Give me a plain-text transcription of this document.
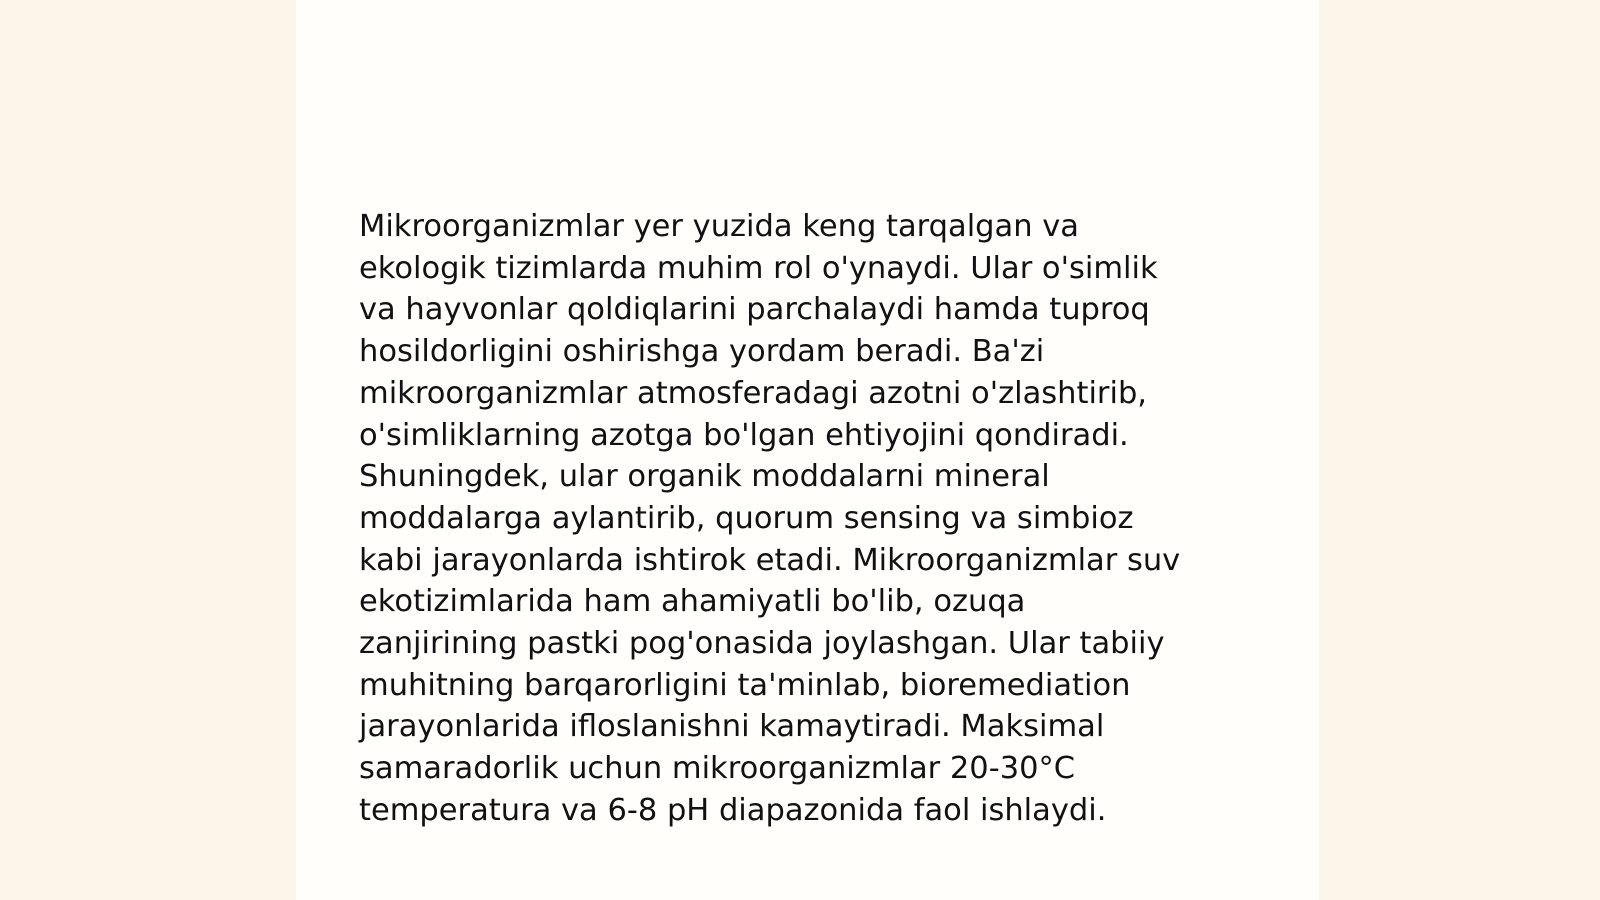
Mikroorganizmlar yer yuzida keng tarqalgan va
ekologik tizimlarda muhim rol o'ynaydi. Ular o'simlik
va hayvonlar qoldiqlarini parchalaydi hamda tuproq
hosildorligini oshirishga yordam beradi. Ba'zi
mikroorganizmlar atmosferadagi azotni o'zlashtirib,
o'simliklarning azotga bo'lgan ehtiyojini qondiradi.
Shuningdek, ular organik moddalarni mineral
moddalarga aylantirib, quorum sensing va simbioz
kabi jarayonlarda ishtirok etadi. Mikroorganizmlar suv
ekotizimlarida ham ahamiyatli bo'lib, ozuqa
zanjirining pastki pog'onasida joylashgan. Ular tabiiy
muhitning barqarorligini ta'minlab, bioremediation
jarayonlarida ifloslanishni kamaytiradi. Maksimal
samaradorlik uchun mikroorganizmlar 20-30°C
temperatura va 6-8 pH diapazonida faol ishlaydi.
